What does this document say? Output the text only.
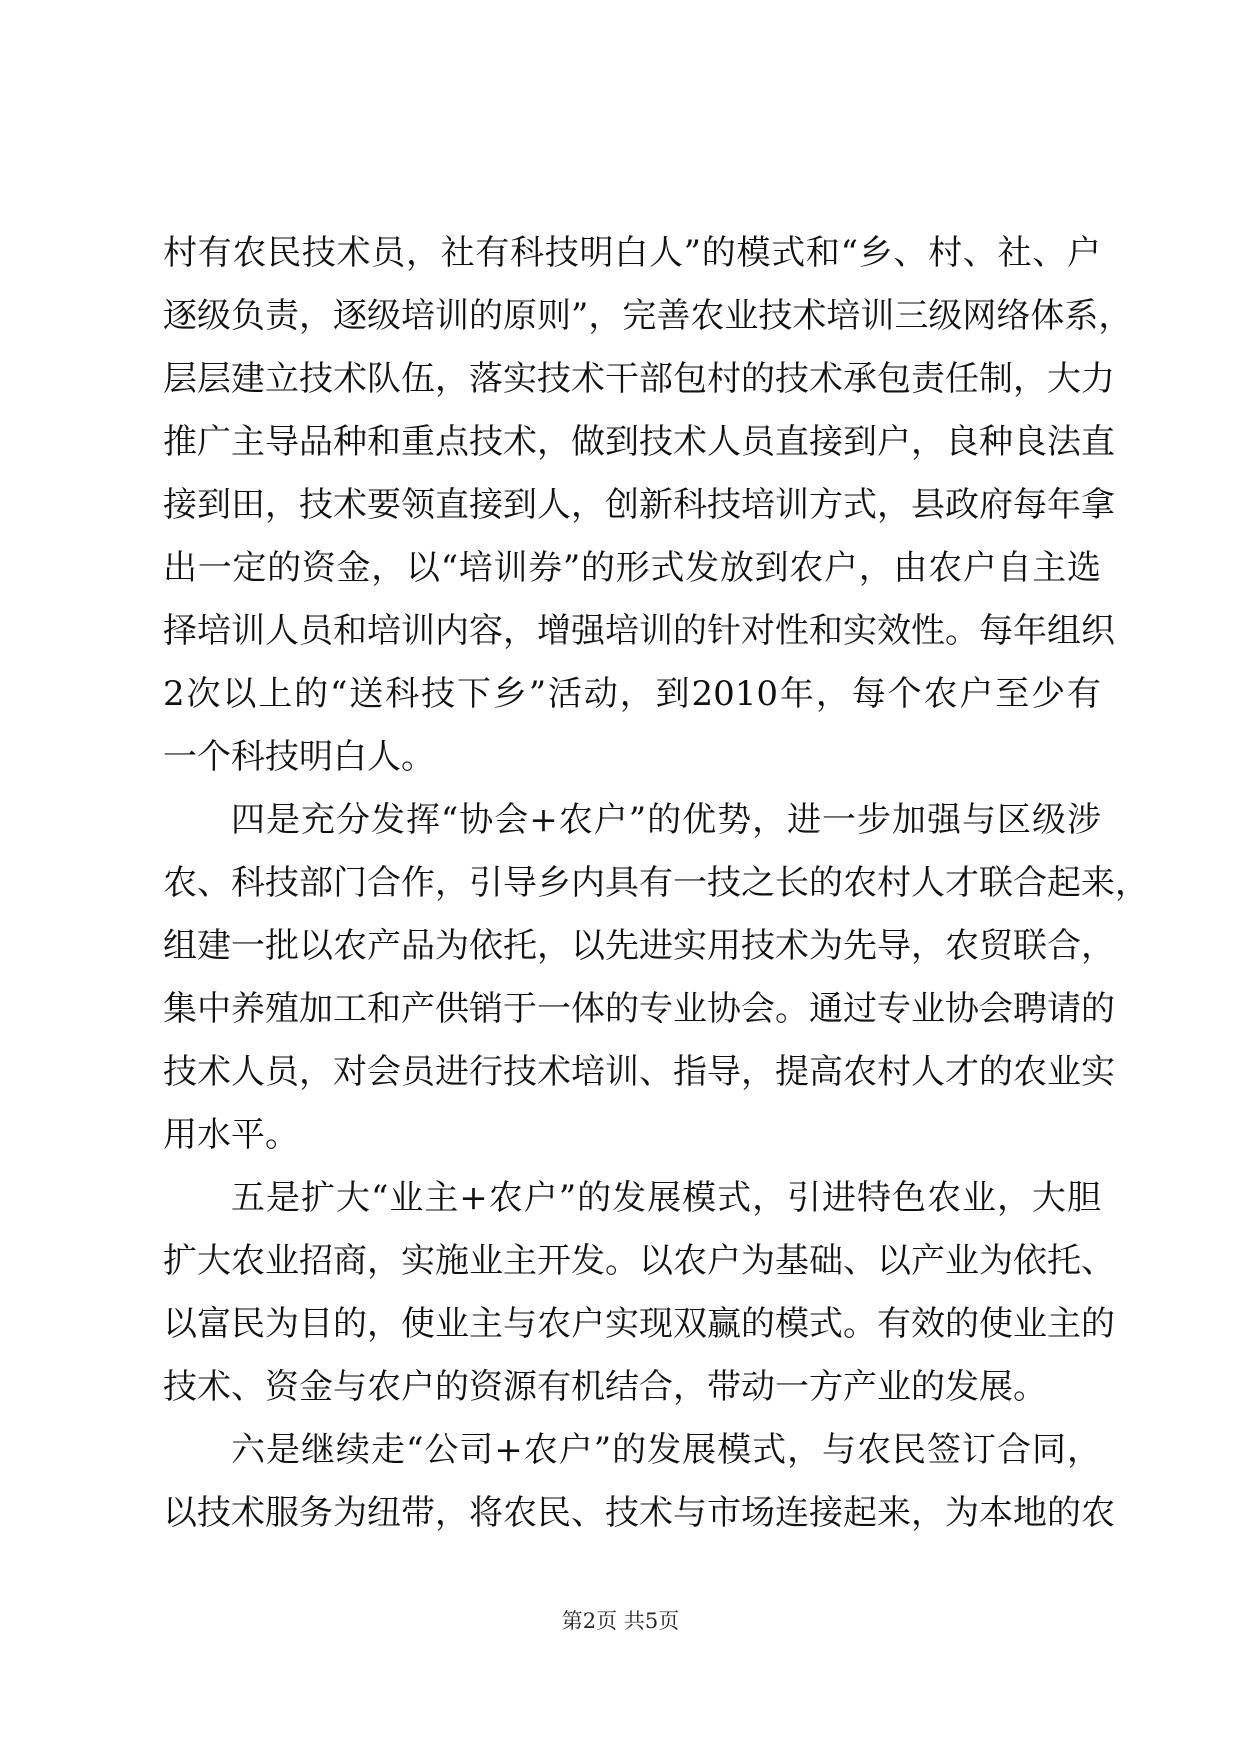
村有农民技术员，社有科技明白人”的模式和“乡、村、社、户
逐级负责，逐级培训的原则”，完善农业技术培训三级网络体系，
层层建立技术队伍，落实技术干部包村的技术承包责任制，大力
推广主导品种和重点技术，做到技术人员直接到户，良种良法直
接到田，技术要领直接到人，创新科技培训方式，县政府每年拿
出一定的资金，以“培训券”的形式发放到农户，由农户自主选
择培训人员和培训内容，增强培训的针对性和实效性。每年组织
2次以上的“送科技下乡”活动，到2010年，每个农户至少有
一个科技明白人。
四是充分发挥“协会+农户”的优势，进一步加强与区级涉
农、科技部门合作，引导乡内具有一技之长的农村人才联合起来，
组建一批以农产品为依托，以先进实用技术为先导，农贸联合，
集中养殖加工和产供销于一体的专业协会。通过专业协会聘请的
技术人员，对会员进行技术培训、指导，提高农村人才的农业实
用水平。
五是扩大“业主+农户”的发展模式，引进特色农业，大胆
扩大农业招商，实施业主开发。以农户为基础、以产业为依托、
以富民为目的，使业主与农户实现双赢的模式。有效的使业主的
技术、资金与农户的资源有机结合，带动一方产业的发展。
六是继续走“公司+农户”的发展模式，与农民签订合同，
以技术服务为纽带，将农民、技术与市场连接起来，为本地的农
第2页 共5页
